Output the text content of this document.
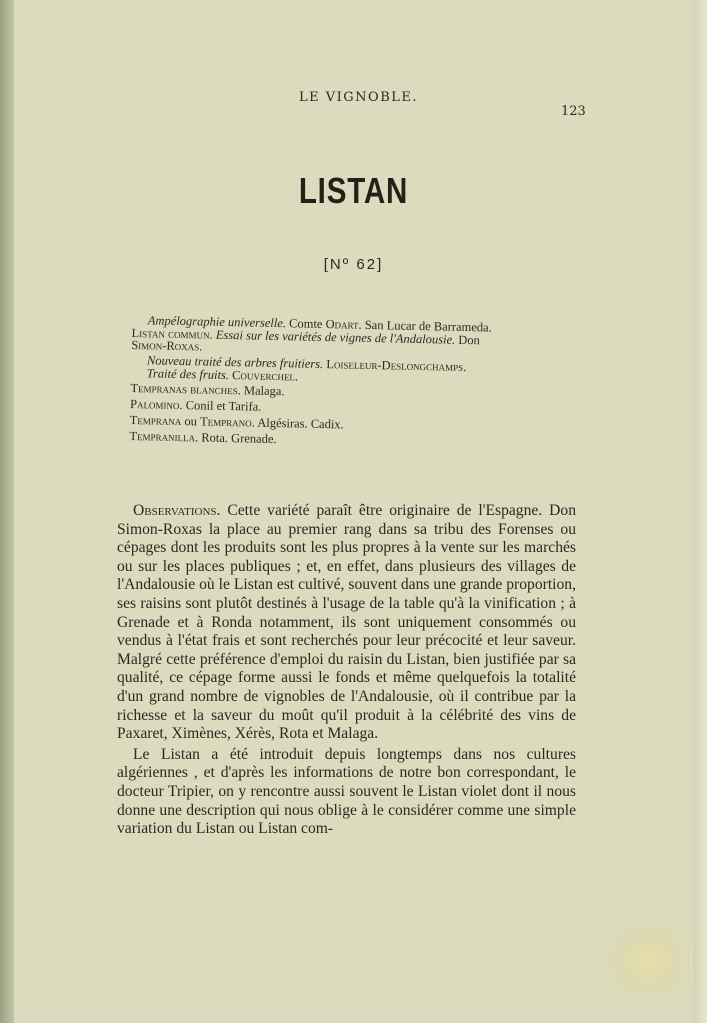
LE VIGNOBLE.
123
LISTAN
[Nº 62]
Ampélographie universelle. Comte Odart. San Lucar de Barrameda.
Listan commun. Essai sur les variétés de vignes de l'Andalousie. Don
Simon-Roxas.
Nouveau traité des arbres fruitiers. Loiseleur-Deslongchamps.
Traité des fruits. Couverchel.
Tempranas blanches. Malaga.
Palomino. Conil et Tarifa.
Temprana ou Temprano. Algésiras. Cadix.
Tempranilla. Rota. Grenade.

Observations. Cette variété paraît être originaire de l'Espagne. Don Simon-Roxas la place au premier rang dans sa tribu des Forenses ou cépages dont les produits sont les plus propres à la vente sur les marchés ou sur les places publiques ; et, en effet, dans plusieurs des villages de l'Andalousie où le Listan est cultivé, souvent dans une grande proportion, ses raisins sont plutôt destinés à l'usage de la table qu'à la vinification ; à Grenade et à Ronda notamment, ils sont uniquement consommés ou vendus à l'état frais et sont recherchés pour leur précocité et leur saveur. Malgré cette préférence d'emploi du raisin du Listan, bien justifiée par sa qualité, ce cépage forme aussi le fonds et même quelquefois la totalité d'un grand nombre de vignobles de l'Andalousie, où il contribue par la richesse et la saveur du moût qu'il produit à la célébrité des vins de Paxaret, Ximènes, Xérès, Rota et Malaga.

Le Listan a été introduit depuis longtemps dans nos cultures algériennes , et d'après les informations de notre bon correspondant, le docteur Tripier, on y rencontre aussi souvent le Listan violet dont il nous donne une description qui nous oblige à le considérer comme une simple variation du Listan ou Listan com-
